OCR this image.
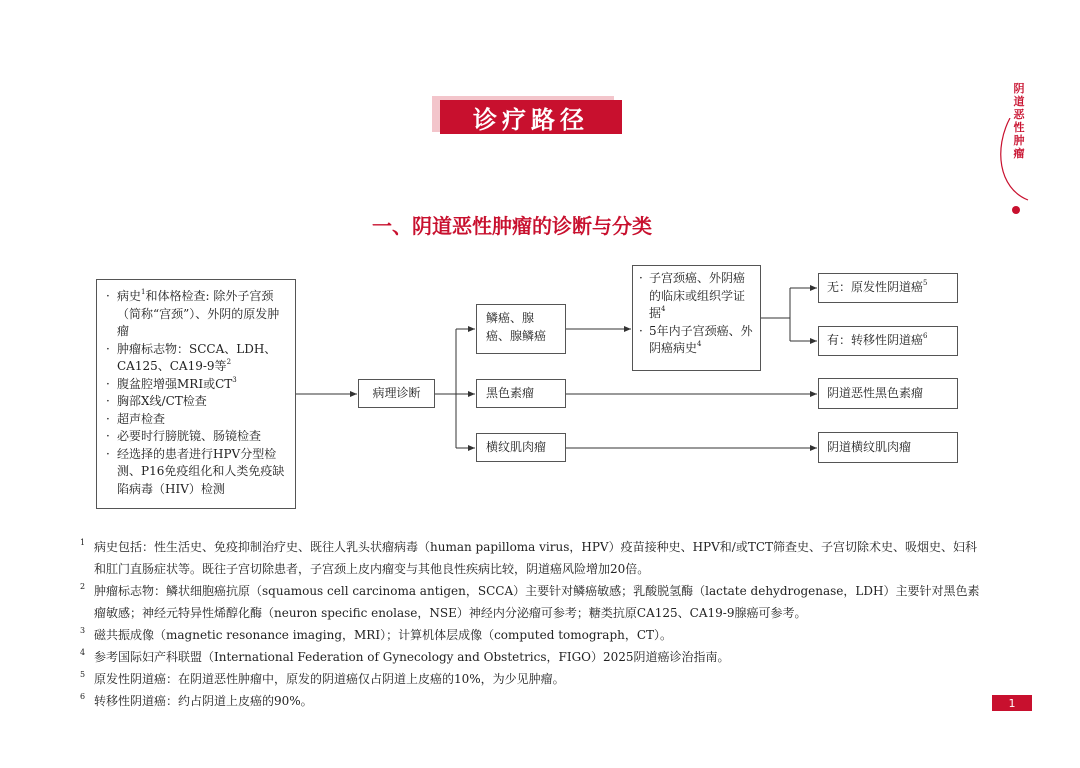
阴道恶性肿瘤
诊疗路径
一、阴道恶性肿瘤的诊断与分类
· 病史$^1$和体格检查: 除外子宫颈（简称“宫颈”）、外阴的原发肿瘤
· 肿瘤标志物：SCCA、LDH、CA125、CA19-9等$^2$
· 腹盆腔增强MRI或$CT^3$
· 胸部X线/CT检查
· 超声检查
· 必要时行膀胱镜、肠镜检查
· 经选择的患者进行HPV分型检测、P16免疫组化和人类免疫缺陷病毒（HIV）检测
病理诊断
鳞癌、腺癌、腺鳞癌
黑色素瘤
横纹肌肉瘤
· 子宫颈癌、外阴癌的临床或组织学证据$^4$
· 5年内子宫颈癌、外阴癌病史$^4$
无：原发性阴道癌$^5$
有：转移性阴道癌$^6$
阴道恶性黑色素瘤
阴道横纹肌肉瘤
1 病史包括：性生活史、免疫抑制治疗史、既往人乳头状瘤病毒（human papilloma virus，HPV）疫苗接种史、HPV和/或TCT筛查史、子宫切除术史、吸烟史、妇科和肛门直肠症状等。既往子宫切除患者，子宫颈上皮内瘤变与其他良性疾病比较，阴道癌风险增加20倍。
2 肿瘤标志物：鳞状细胞癌抗原（squamous cell carcinoma antigen，SCCA）主要针对鳞癌敏感；乳酸脱氢酶（lactate dehydrogenase，LDH）主要针对黑色素瘤敏感；神经元特异性烯醇化酶（neuron specific enolase，NSE）神经内分泌瘤可参考；糖类抗原CA125、CA19-9腺癌可参考。
3 磁共振成像（magnetic resonance imaging，MRI）；计算机体层成像（computed tomograph，CT）。
4 参考国际妇产科联盟（International Federation of Gynecology and Obstetrics，FIGO）2025阴道癌诊治指南。
5 原发性阴道癌：在阴道恶性肿瘤中，原发的阴道癌仅占阴道上皮癌的10%，为少见肿瘤。
6 转移性阴道癌：约占阴道上皮癌的90%。	1
